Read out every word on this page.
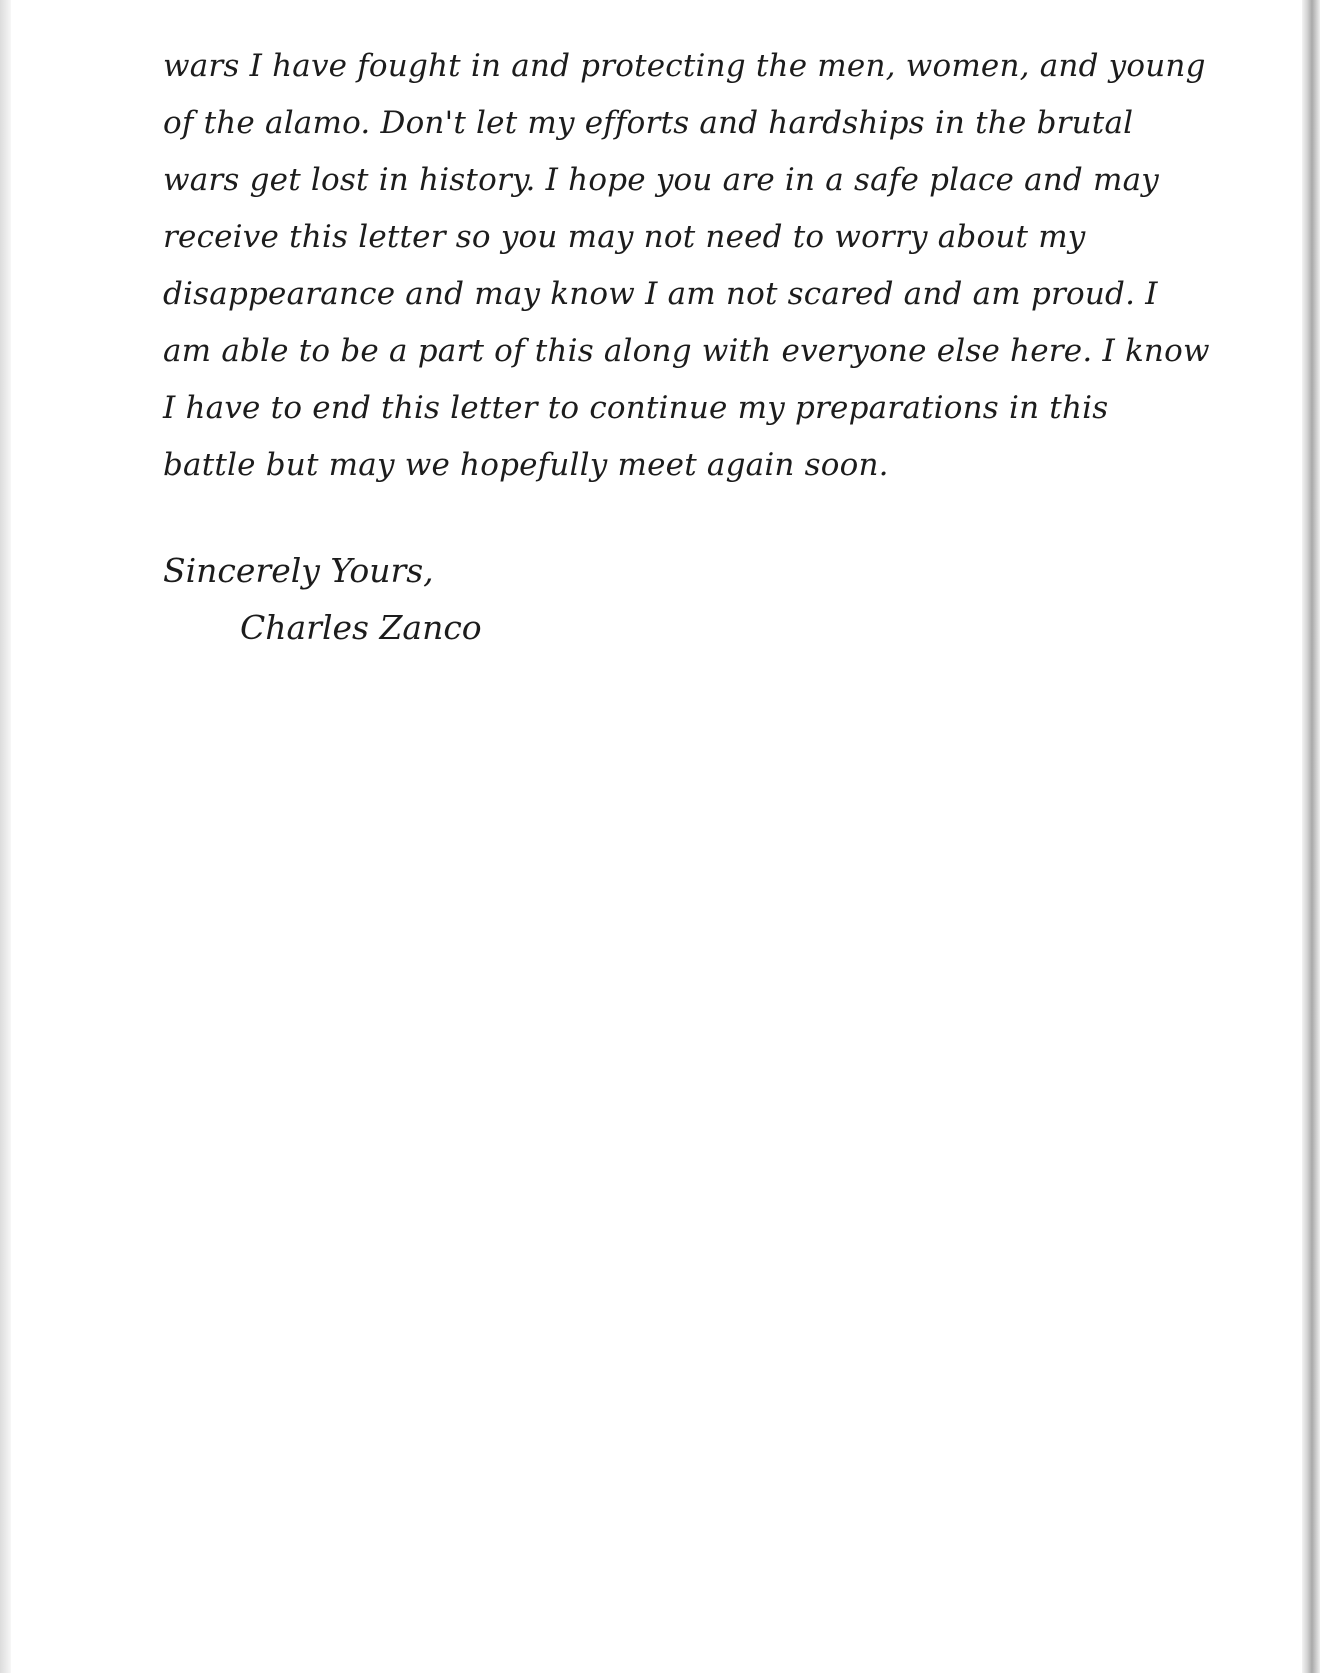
wars I have fought in and protecting the men, women, and young
of the alamo. Don't let my efforts and hardships in the brutal
wars get lost in history. I hope you are in a safe place and may
receive this letter so you may not need to worry about my
disappearance and may know I am not scared and am proud. I
am able to be a part of this along with everyone else here. I know
I have to end this letter to continue my preparations in this
battle but may we hopefully meet again soon.

Sincerely Yours,

Charles Zanco
